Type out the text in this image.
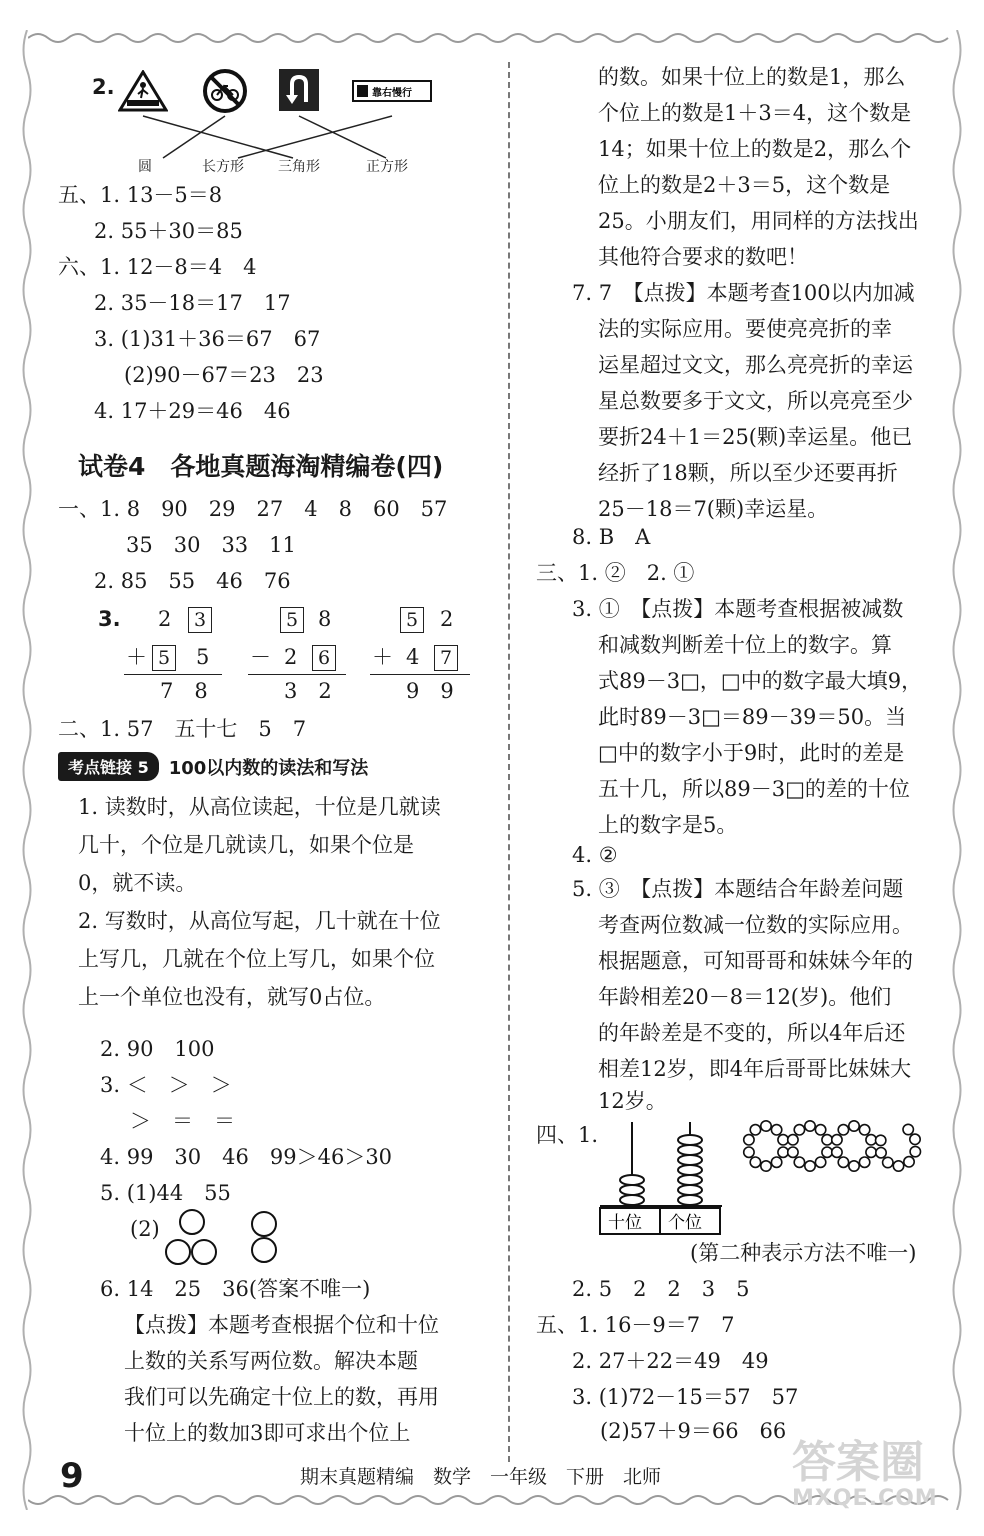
2.	靠右慢行
圆	长方形 三角形	正方形
五、1. 13－5＝8
2. 55＋30＝85
六、1. 12－8＝4　4
2. 35－18＝17　17
3. (1)31＋36＝67　67
(2)90－67＝23　23
4. 17＋29＝46　46
试卷4　各地真题海淘精编卷(四)
一、1. 8　90　29　27　4　8　60　57
35　30　33　11
2. 85　55　46　76
3. 2	3
＋ 5 5
7　8
5 8
－ 2	6
3　2
5 2
＋ 4	7
9　9
二、1. 57　五十七　5　7
考点链接 5	100以内数的读法和写法
1. 读数时，从高位读起，十位是几就读
几十，个位是几就读几，如果个位是
0，就不读。
2. 写数时，从高位写起，几十就在十位
上写几，几就在个位上写几，如果个位
上一个单位也没有，就写0占位。
2. 90　100
3. ＜　＞　＞
＞　＝　＝
4. 99　30　46　99＞46＞30
5. (1)44　55
(2)
6. 14　25　36(答案不唯一)
【点拨】本题考查根据个位和十位
上数的关系写两位数。解决本题
我们可以先确定十位上的数，再用
十位上的数加3即可求出个位上
的数。如果十位上的数是1，那么
个位上的数是1＋3＝4，这个数是
14；如果十位上的数是2，那么个
位上的数是2＋3＝5，这个数是
25。小朋友们，用同样的方法找出
其他符合要求的数吧！
7. 7　【点拨】本题考查100以内加减
法的实际应用。要使亮亮折的幸
运星超过文文，那么亮亮折的幸运
星总数要多于文文，所以亮亮至少
要折24＋1＝25(颗)幸运星。他已
经折了18颗，所以至少还要再折
25－18＝7(颗)幸运星。
8. B　A
三、1. ②　2. ①
3. ①　【点拨】本题考查根据被减数
和减数判断差十位上的数字。算
式89－3□，□中的数字最大填9，
此时89－3□＝89－39＝50。当
□中的数字小于9时，此时的差是
五十几，所以89－3□的差的十位
上的数字是5。
4. ②
5. ③　【点拨】本题结合年龄差问题
考查两位数减一位数的实际应用。
根据题意，可知哥哥和妹妹今年的
年龄相差20－8＝12(岁)。他们
的年龄差是不变的，所以4年后还
相差12岁，即4年后哥哥比妹妹大
12岁。
四、1.
十位 个位
(第二种表示方法不唯一)
2. 5　2　2　3　5
五、1. 16－9＝7　7
2. 27＋22＝49　49
3. (1)72－15＝57　57
(2)57＋9＝66　66
9	期末真题精编　数学　一年级　下册　北师	答案圈
MXQE.COM
